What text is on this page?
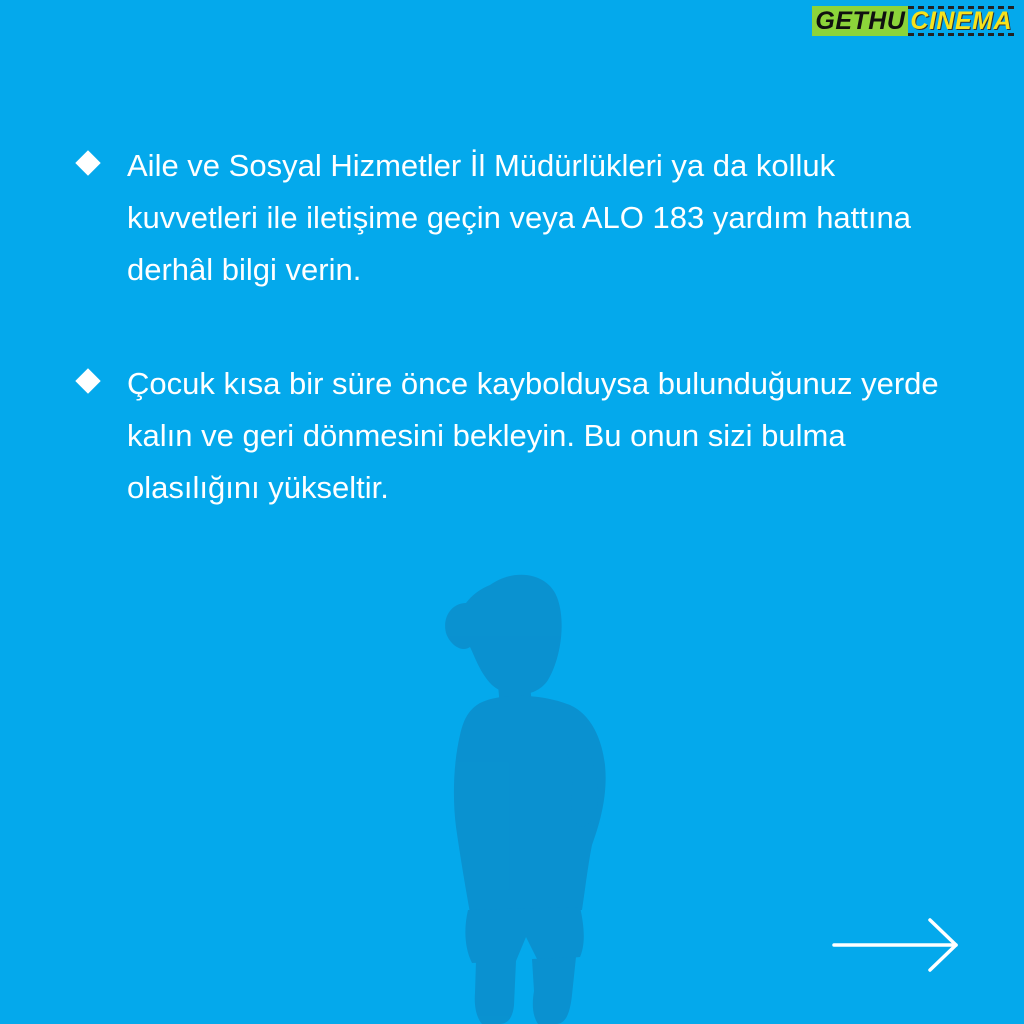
GETHU CINEMA

Aile ve Sosyal Hizmetler İl Müdürlükleri ya da kolluk kuvvetleri ile iletişime geçin veya ALO 183 yardım hattına derhâl bilgi verin.

Çocuk kısa bir süre önce kaybolduysa bulunduğunuz yerde kalın ve geri dönmesini bekleyin. Bu onun sizi bulma olasılığını yükseltir.
